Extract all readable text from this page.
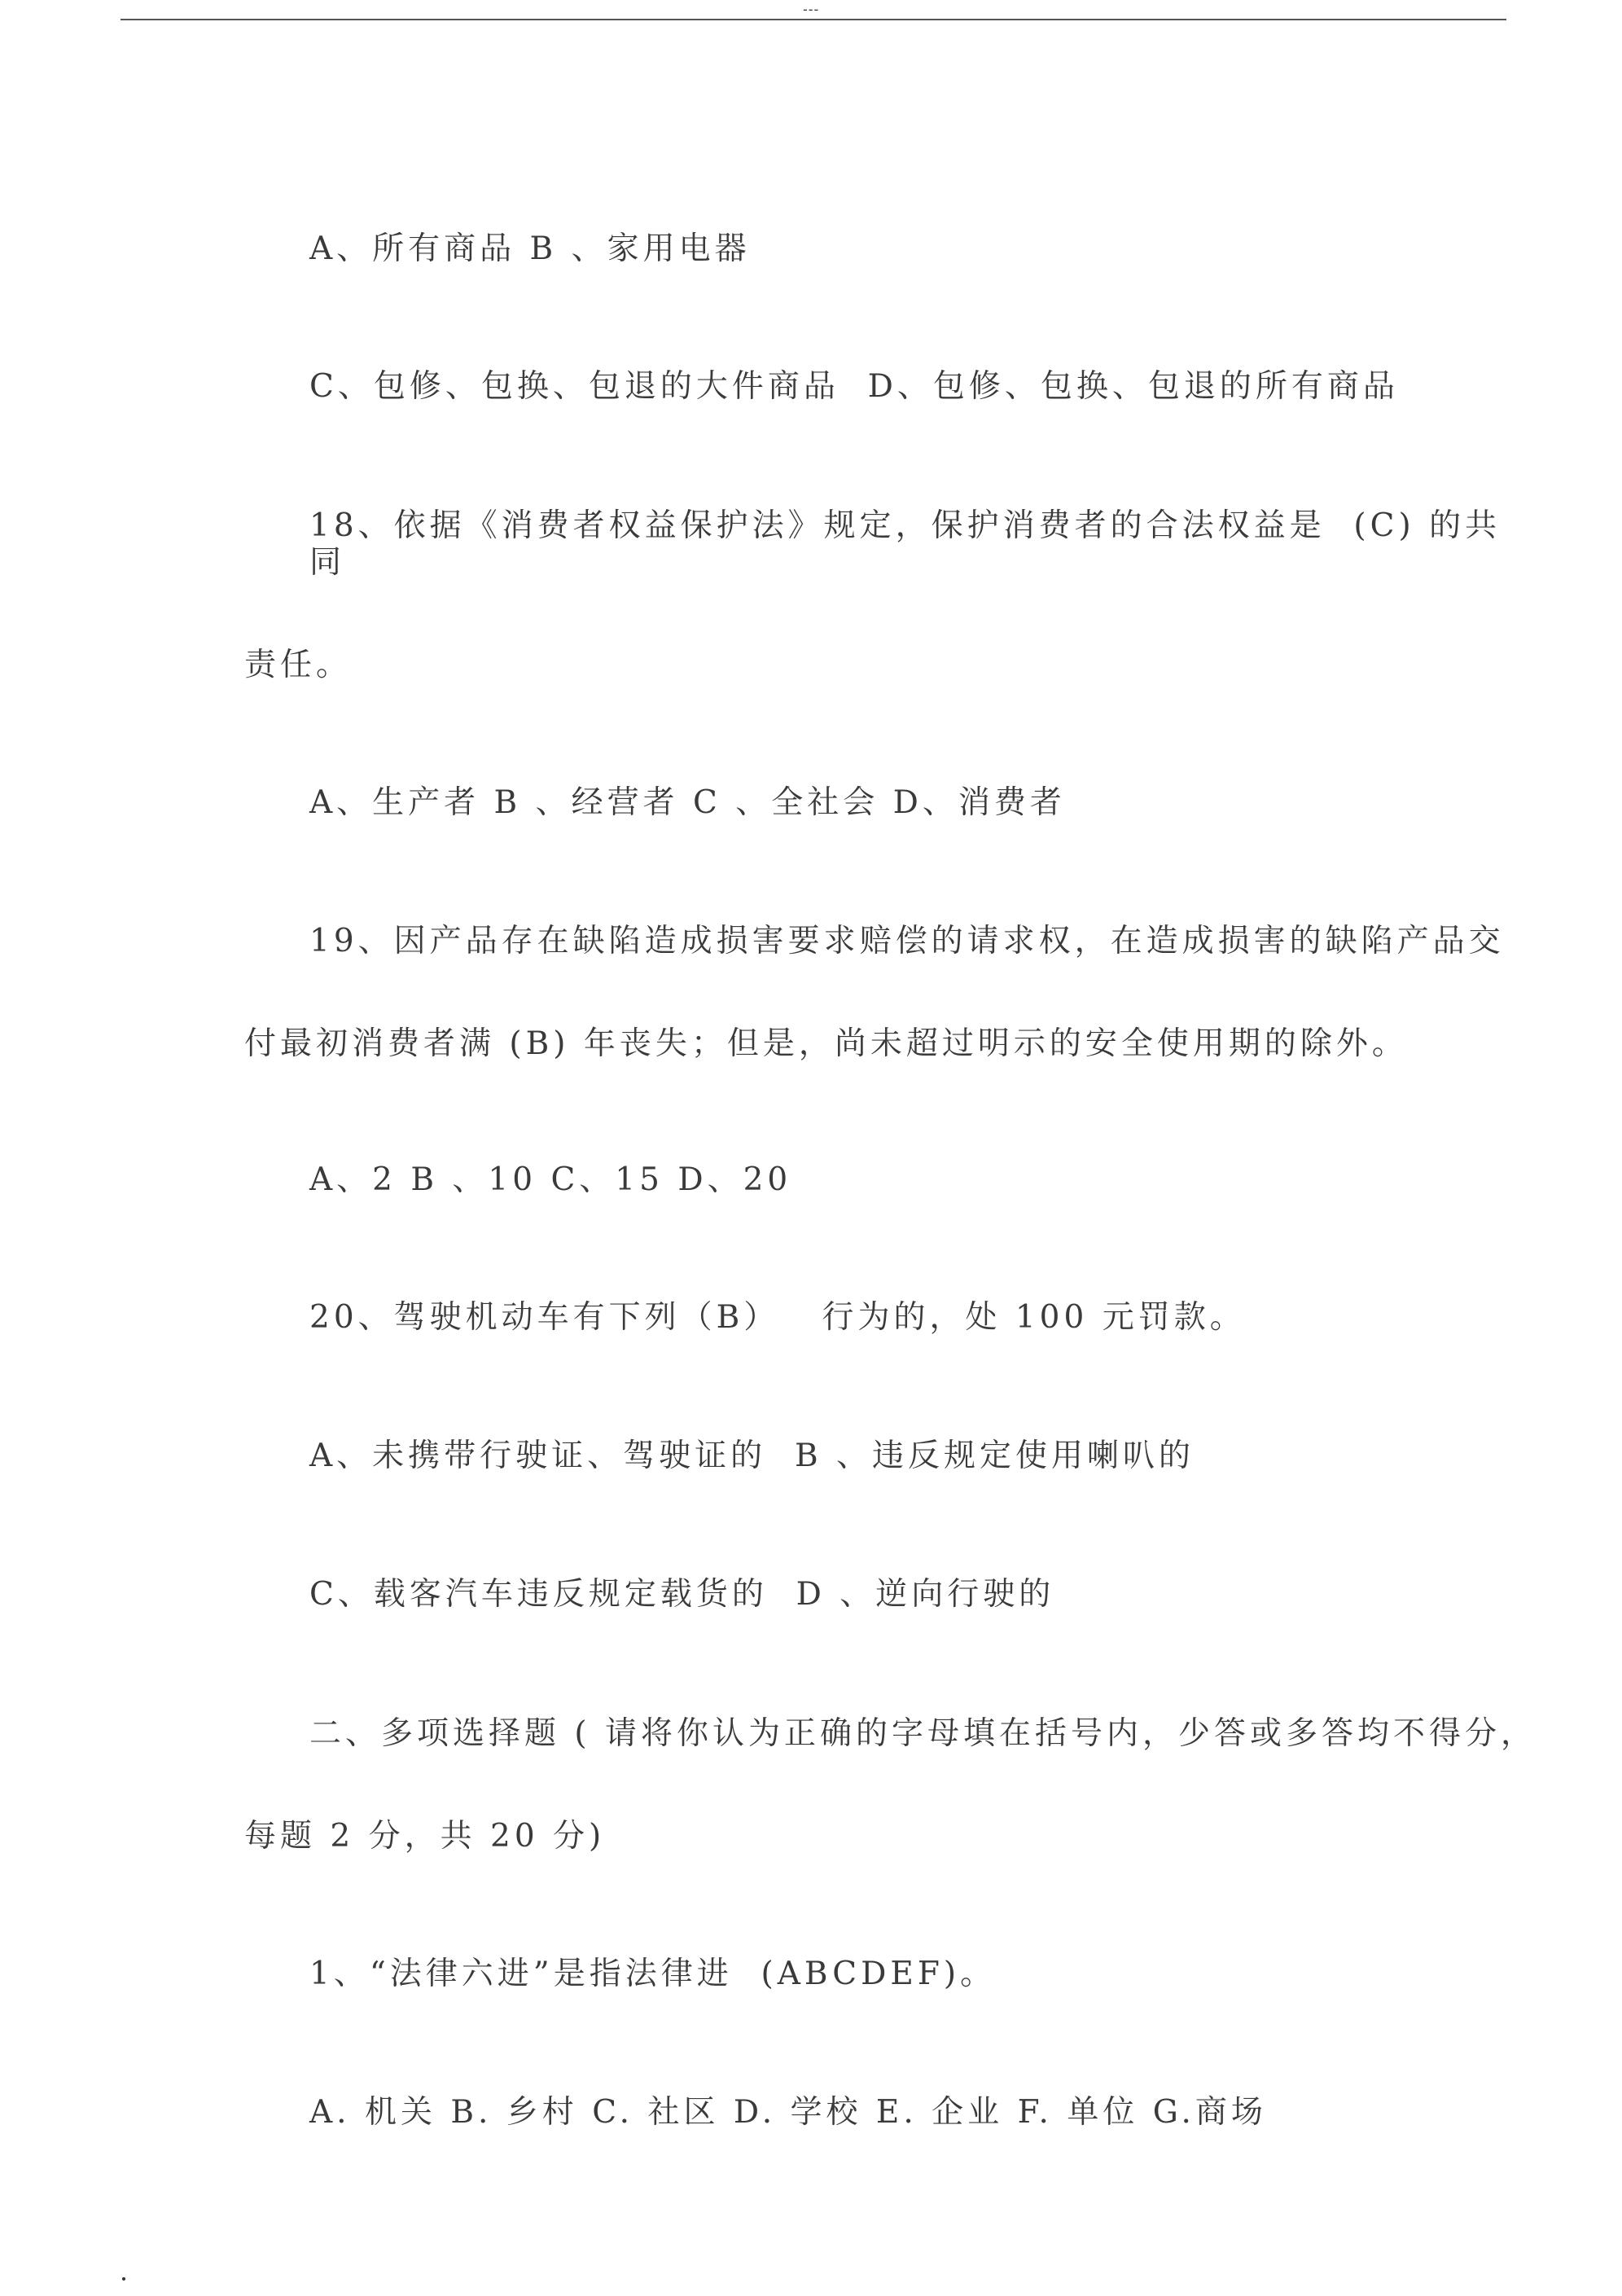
---
A、所有商品 B 、家用电器
C、包修、包换、包退的大件商品  D、包修、包换、包退的所有商品
18、依据《消费者权益保护法》规定，保护消费者的合法权益是  (C) 的共
同
责任。
A、生产者 B 、经营者 C 、全社会 D、消费者
19、因产品存在缺陷造成损害要求赔偿的请求权，在造成损害的缺陷产品交
付最初消费者满 (B) 年丧失；但是，尚未超过明示的安全使用期的除外。
A、2 B 、10 C、15 D、20
20、驾驶机动车有下列（B）   行为的，处 100 元罚款。
A、未携带行驶证、驾驶证的  B 、违反规定使用喇叭的
C、载客汽车违反规定载货的  D 、逆向行驶的
二、多项选择题 ( 请将你认为正确的字母填在括号内，少答或多答均不得分，
每题 2 分，共 20 分)
1、“法律六进”是指法律进  (ABCDEF)。
A. 机关 B. 乡村 C. 社区 D. 学校 E. 企业 F. 单位 G.商场
